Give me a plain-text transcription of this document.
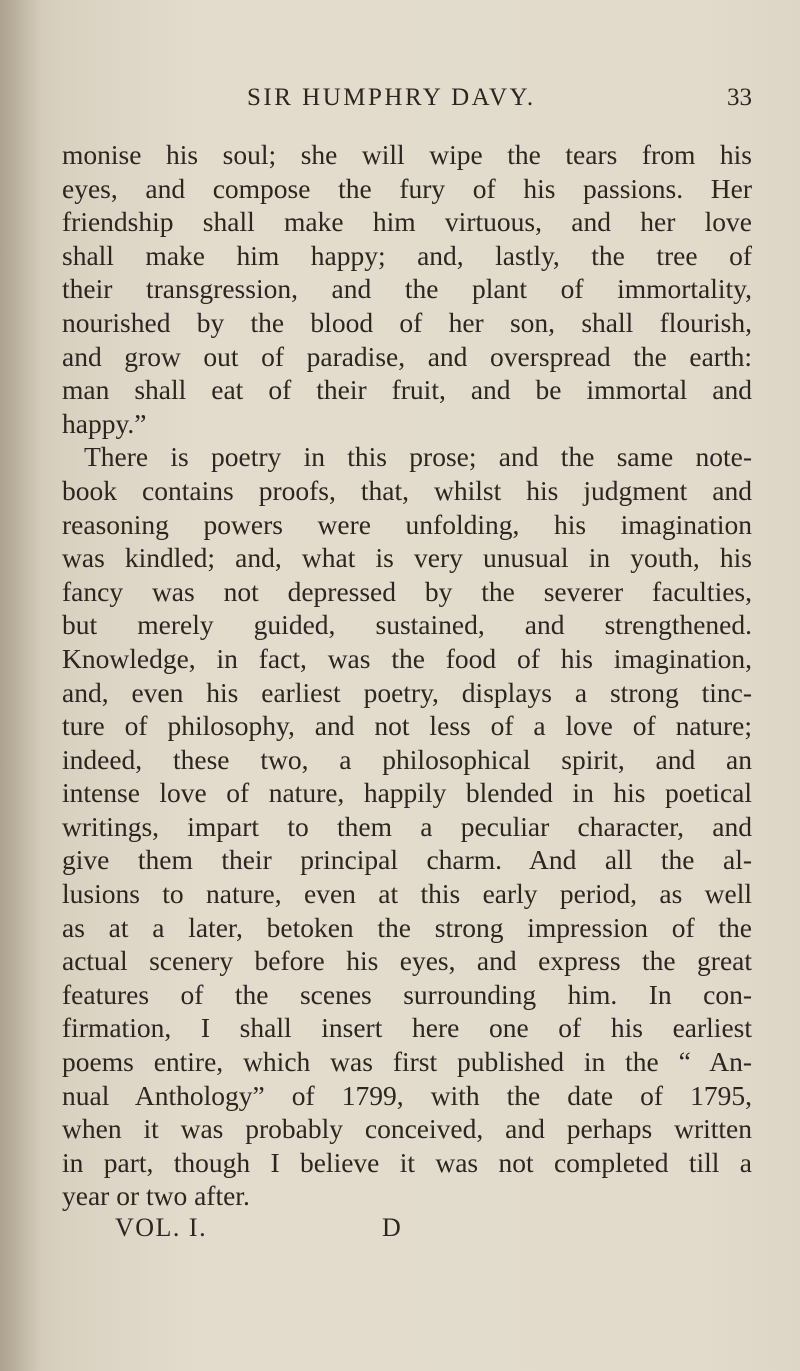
SIR HUMPHRY DAVY.	33
monise his soul; she will wipe the tears from his
eyes, and compose the fury of his passions. Her
friendship shall make him virtuous, and her love
shall make him happy; and, lastly, the tree of
their transgression, and the plant of immortality,
nourished by the blood of her son, shall flourish,
and grow out of paradise, and overspread the earth:
man shall eat of their fruit, and be immortal and
happy.”
There is poetry in this prose; and the same note-
book contains proofs, that, whilst his judgment and
reasoning powers were unfolding, his imagination
was kindled; and, what is very unusual in youth, his
fancy was not depressed by the severer faculties,
but merely guided, sustained, and strengthened.
Knowledge, in fact, was the food of his imagination,
and, even his earliest poetry, displays a strong tinc-
ture of philosophy, and not less of a love of nature;
indeed, these two, a philosophical spirit, and an
intense love of nature, happily blended in his poetical
writings, impart to them a peculiar character, and
give them their principal charm. And all the al-
lusions to nature, even at this early period, as well
as at a later, betoken the strong impression of the
actual scenery before his eyes, and express the great
features of the scenes surrounding him. In con-
firmation, I shall insert here one of his earliest
poems entire, which was first published in the “ An-
nual Anthology” of 1799, with the date of 1795,
when it was probably conceived, and perhaps written
in part, though I believe it was not completed till a
year or two after.
VOL. I.	D
